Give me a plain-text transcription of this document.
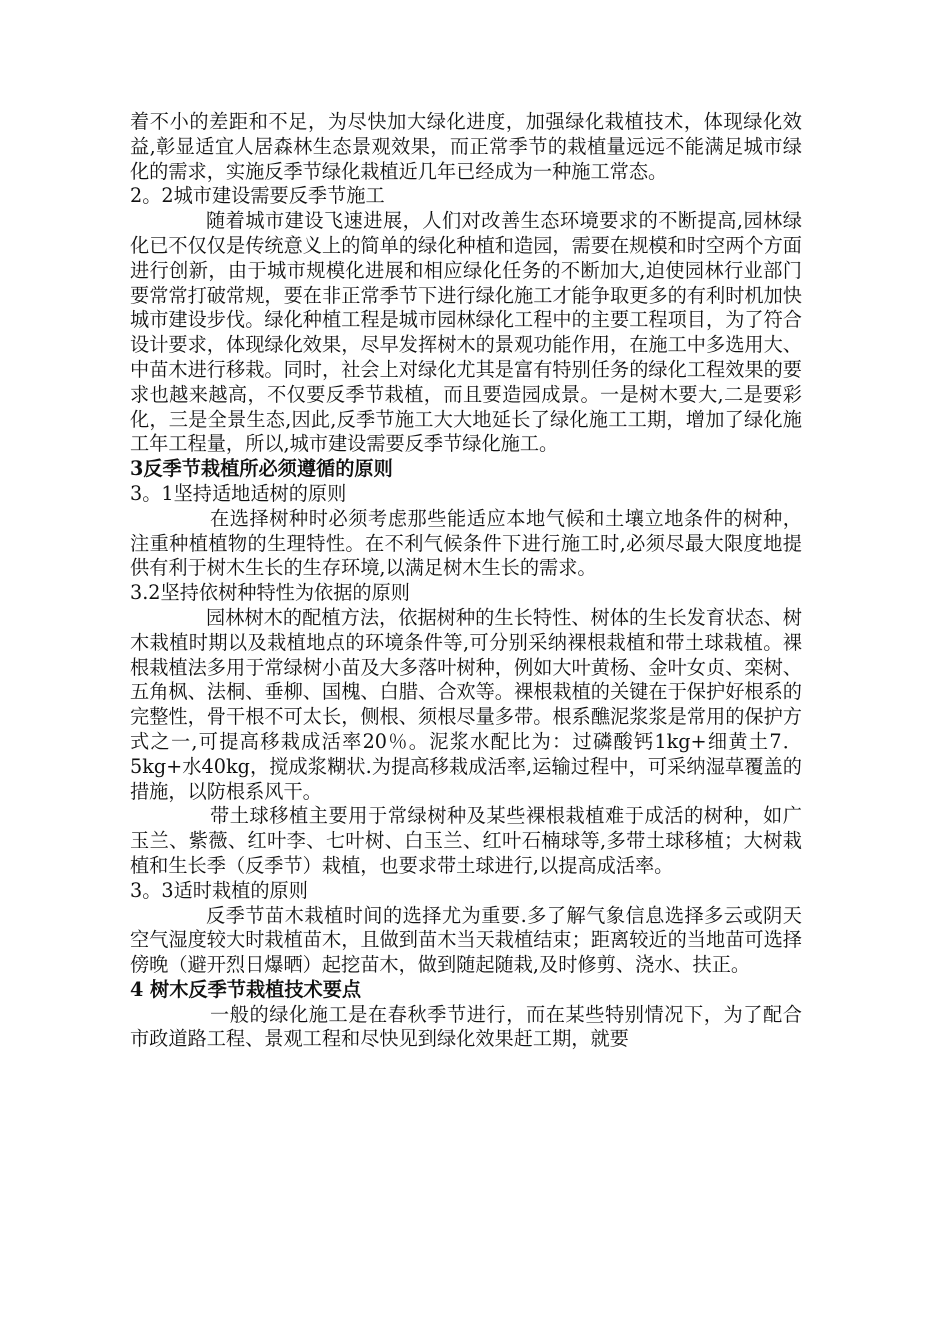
着不小的差距和不足，为尽快加大绿化进度，加强绿化栽植技术，体现绿化效益,彰显适宜人居森林生态景观效果，而正常季节的栽植量远远不能满足城市绿化的需求，实施反季节绿化栽植近几年已经成为一种施工常态。

2。2城市建设需要反季节施工

随着城市建设飞速进展，人们对改善生态环境要求的不断提高,园林绿化已不仅仅是传统意义上的简单的绿化种植和造园，需要在规模和时空两个方面进行创新，由于城市规模化进展和相应绿化任务的不断加大,迫使园林行业部门要常常打破常规，要在非正常季节下进行绿化施工才能争取更多的有利时机加快城市建设步伐。绿化种植工程是城市园林绿化工程中的主要工程项目，为了符合设计要求，体现绿化效果，尽早发挥树木的景观功能作用，在施工中多选用大、中苗木进行移栽。同时，社会上对绿化尤其是富有特别任务的绿化工程效果的要求也越来越高，不仅要反季节栽植，而且要造园成景。一是树木要大,二是要彩化，三是全景生态,因此,反季节施工大大地延长了绿化施工工期，增加了绿化施工年工程量，所以,城市建设需要反季节绿化施工。

3反季节栽植所必须遵循的原则

3。1坚持适地适树的原则

在选择树种时必须考虑那些能适应本地气候和土壤立地条件的树种，注重种植植物的生理特性。在不利气候条件下进行施工时,必须尽最大限度地提供有利于树木生长的生存环境,以满足树木生长的需求。

3.2坚持依树种特性为依据的原则

园林树木的配植方法，依据树种的生长特性、树体的生长发育状态、树木栽植时期以及栽植地点的环境条件等,可分别采纳裸根栽植和带土球栽植。裸根栽植法多用于常绿树小苗及大多落叶树种，例如大叶黄杨、金叶女贞、栾树、五角枫、法桐、垂柳、国槐、白腊、合欢等。裸根栽植的关键在于保护好根系的完整性，骨干根不可太长，侧根、须根尽量多带。根系醮泥浆浆是常用的保护方式之一,可提高移栽成活率20％。泥浆水配比为：过磷酸钙1kg+细黄土7．5kg+水40kg，搅成浆糊状.为提高移栽成活率,运输过程中，可采纳湿草覆盖的措施，以防根系风干。

带土球移植主要用于常绿树种及某些裸根栽植难于成活的树种，如广玉兰、紫薇、红叶李、七叶树、白玉兰、红叶石楠球等,多带土球移植；大树栽植和生长季（反季节）栽植，也要求带土球进行,以提高成活率。

3。3适时栽植的原则

反季节苗木栽植时间的选择尤为重要.多了解气象信息选择多云或阴天空气湿度较大时栽植苗木，且做到苗木当天栽植结束；距离较近的当地苗可选择傍晚（避开烈日爆晒）起挖苗木，做到随起随栽,及时修剪、浇水、扶正。

4 树木反季节栽植技术要点

一般的绿化施工是在春秋季节进行，而在某些特别情况下，为了配合市政道路工程、景观工程和尽快见到绿化效果赶工期，就要
